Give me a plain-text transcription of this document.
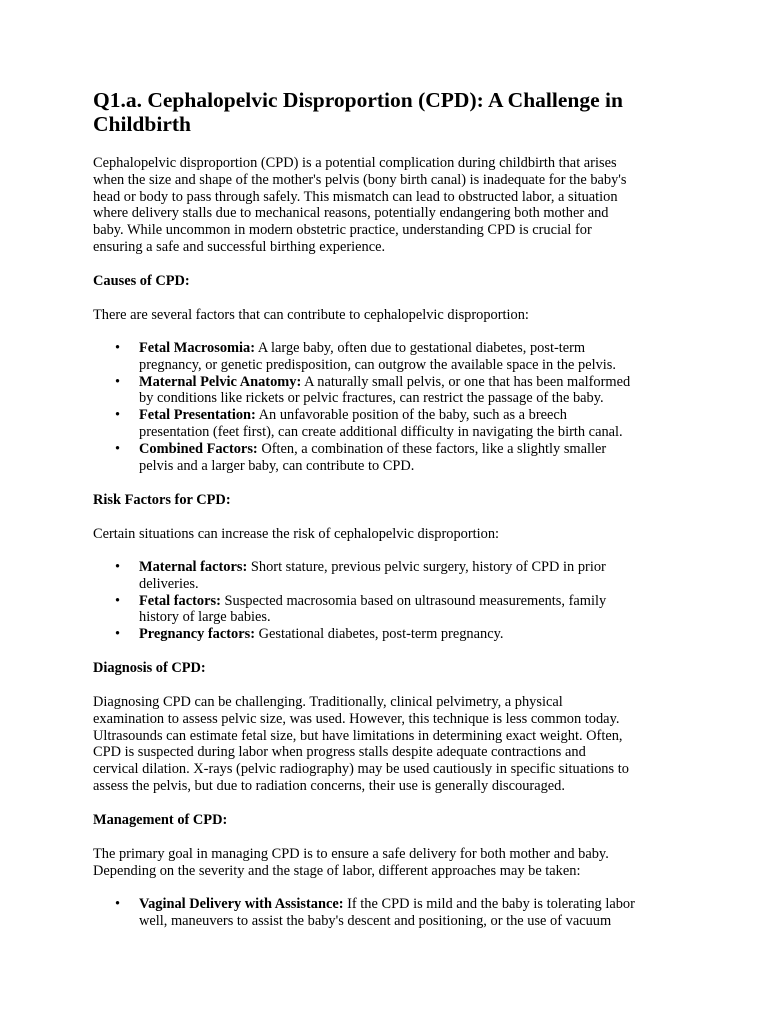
Q1.a. Cephalopelvic Disproportion (CPD): A Challenge in
Childbirth
Cephalopelvic disproportion (CPD) is a potential complication during childbirth that arises
when the size and shape of the mother's pelvis (bony birth canal) is inadequate for the baby's
head or body to pass through safely. This mismatch can lead to obstructed labor, a situation
where delivery stalls due to mechanical reasons, potentially endangering both mother and
baby. While uncommon in modern obstetric practice, understanding CPD is crucial for
ensuring a safe and successful birthing experience.
Causes of CPD:
There are several factors that can contribute to cephalopelvic disproportion:
• Fetal Macrosomia: A large baby, often due to gestational diabetes, post-term
pregnancy, or genetic predisposition, can outgrow the available space in the pelvis.
• Maternal Pelvic Anatomy: A naturally small pelvis, or one that has been malformed
by conditions like rickets or pelvic fractures, can restrict the passage of the baby.
• Fetal Presentation: An unfavorable position of the baby, such as a breech
presentation (feet first), can create additional difficulty in navigating the birth canal.
• Combined Factors: Often, a combination of these factors, like a slightly smaller
pelvis and a larger baby, can contribute to CPD.
Risk Factors for CPD:
Certain situations can increase the risk of cephalopelvic disproportion:
• Maternal factors: Short stature, previous pelvic surgery, history of CPD in prior
deliveries.
• Fetal factors: Suspected macrosomia based on ultrasound measurements, family
history of large babies.
• Pregnancy factors: Gestational diabetes, post-term pregnancy.
Diagnosis of CPD:
Diagnosing CPD can be challenging. Traditionally, clinical pelvimetry, a physical
examination to assess pelvic size, was used. However, this technique is less common today.
Ultrasounds can estimate fetal size, but have limitations in determining exact weight. Often,
CPD is suspected during labor when progress stalls despite adequate contractions and
cervical dilation. X-rays (pelvic radiography) may be used cautiously in specific situations to
assess the pelvis, but due to radiation concerns, their use is generally discouraged.
Management of CPD:
The primary goal in managing CPD is to ensure a safe delivery for both mother and baby.
Depending on the severity and the stage of labor, different approaches may be taken:
• Vaginal Delivery with Assistance: If the CPD is mild and the baby is tolerating labor
well, maneuvers to assist the baby's descent and positioning, or the use of vacuum
